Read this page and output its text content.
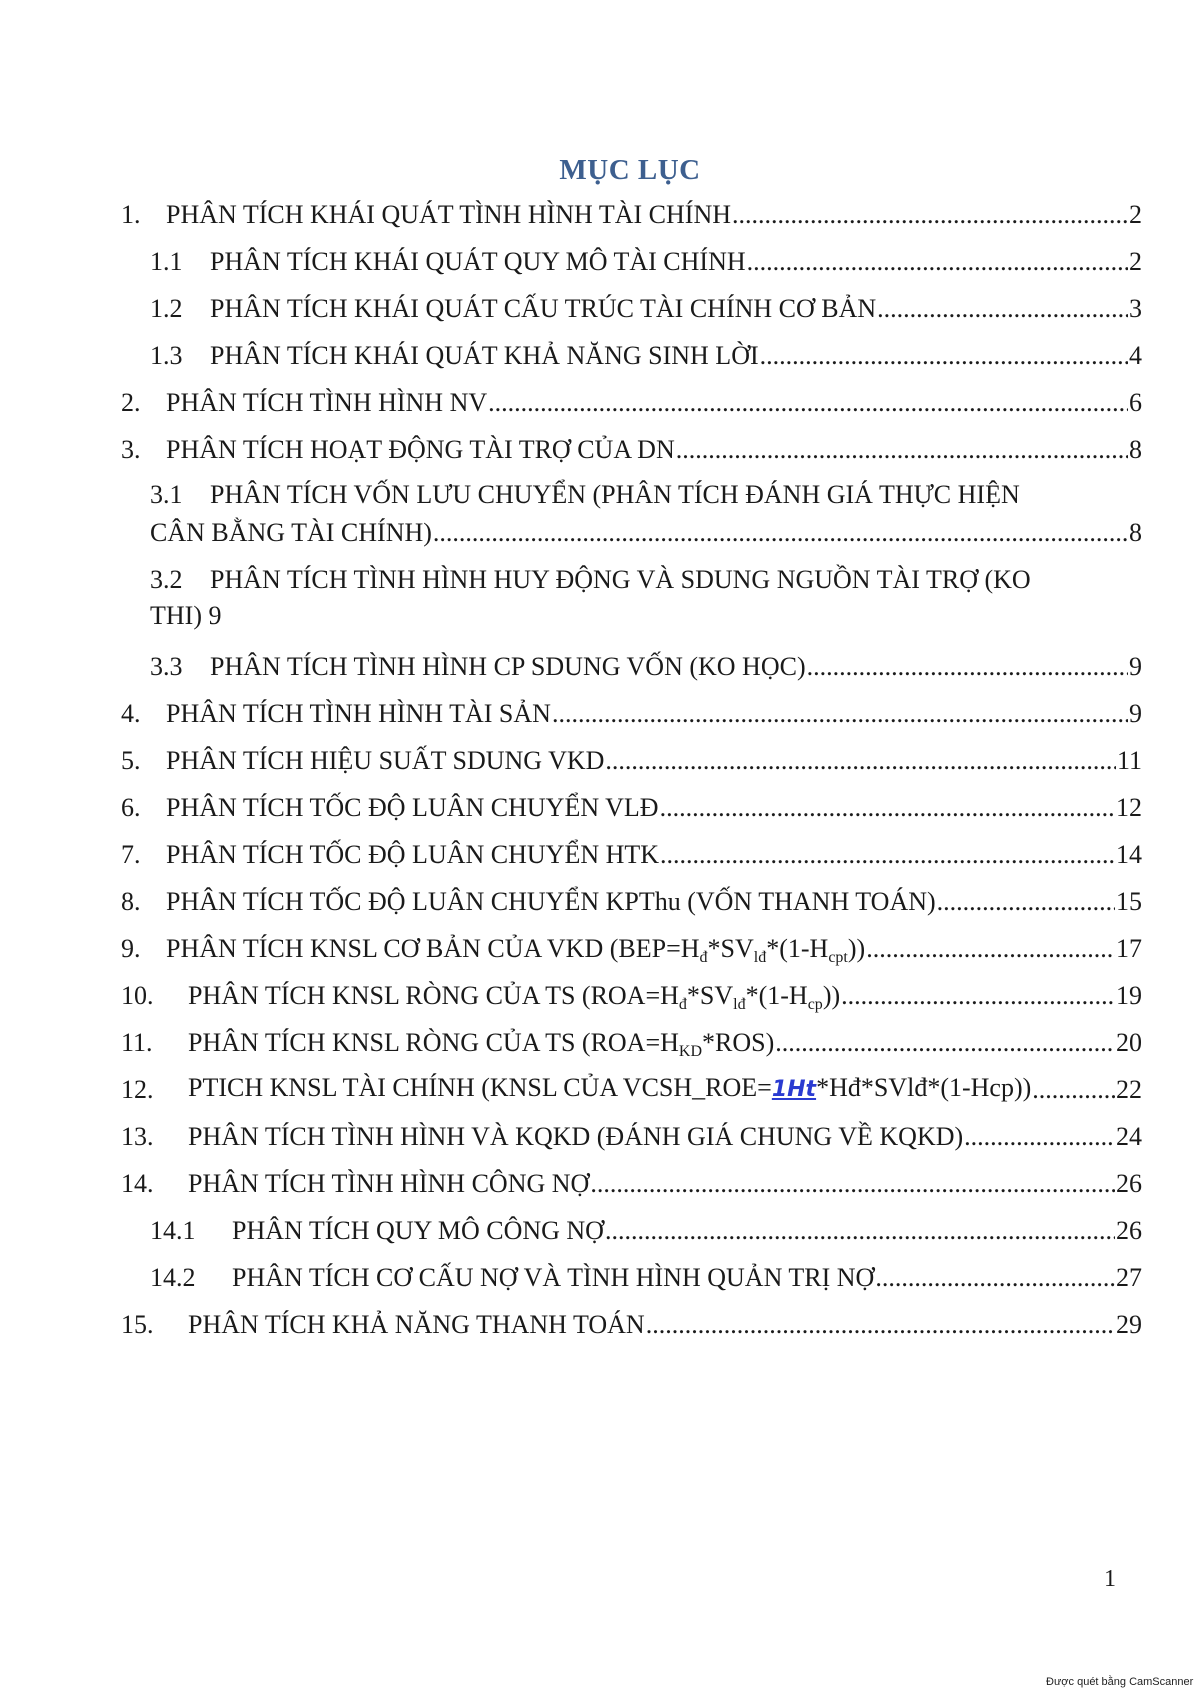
MỤC LỤC
1. PHÂN TÍCH KHÁI QUÁT TÌNH HÌNH TÀI CHÍNH .....	2
1.1	PHÂN TÍCH KHÁI QUÁT QUY MÔ TÀI CHÍNH .....	2
1.2	PHÂN TÍCH KHÁI QUÁT CẤU TRÚC TÀI CHÍNH CƠ BẢN .....	3
1.3	PHÂN TÍCH KHÁI QUÁT KHẢ NĂNG SINH LỜI .....	4
2. PHÂN TÍCH TÌNH HÌNH NV .....	6
3. PHÂN TÍCH HOẠT ĐỘNG TÀI TRỢ CỦA DN .....	8
3.1 PHÂN TÍCH VỐN LƯU CHUYỂN (PHÂN TÍCH ĐÁNH GIÁ THỰC HIỆN
CÂN BẰNG TÀI CHÍNH) .....	8
3.2 PHÂN TÍCH TÌNH HÌNH HUY ĐỘNG VÀ SDUNG NGUỒN TÀI TRỢ (KO
THI) 9
3.3	PHÂN TÍCH TÌNH HÌNH CP SDUNG VỐN (KO HỌC) .....	9
4. PHÂN TÍCH TÌNH HÌNH TÀI SẢN .....	9
5. PHÂN TÍCH HIỆU SUẤT SDUNG VKD .....	11
6. PHÂN TÍCH TỐC ĐỘ LUÂN CHUYỂN VLĐ .....	12
7. PHÂN TÍCH TỐC ĐỘ LUÂN CHUYỂN HTK .....	14
8. PHÂN TÍCH TỐC ĐỘ LUÂN CHUYỂN KPThu (VỐN THANH TOÁN) .....	15
9. PHÂN TÍCH KNSL CƠ BẢN CỦA VKD $(BEP=H_đ*SV_{lđ}*(1-H_{cpt}))$ .....	17
10.	PHÂN TÍCH KNSL RÒNG CỦA TS $(ROA=H_đ*SV_{lđ}*(1-H_{cp}))$ .....	19
11.	PHÂN TÍCH KNSL RÒNG CỦA TS $(ROA=H_{KD}*ROS)$ .....	20
12.	PTICH KNSL TÀI CHÍNH (KNSL CỦA VCSH_ROE=1Ht*Hđ*SVlđ*(1-Hcp)) .....	22
13.	PHÂN TÍCH TÌNH HÌNH VÀ KQKD (ĐÁNH GIÁ CHUNG VỀ KQKD) .....	24
14.	PHÂN TÍCH TÌNH HÌNH CÔNG NỢ .....	26
14.1	PHÂN TÍCH QUY MÔ CÔNG NỢ .....	26
14.2	PHÂN TÍCH CƠ CẤU NỢ VÀ TÌNH HÌNH QUẢN TRỊ NỢ .....	27
15.	PHÂN TÍCH KHẢ NĂNG THANH TOÁN .....	29
1
Được quét bằng CamScanner
